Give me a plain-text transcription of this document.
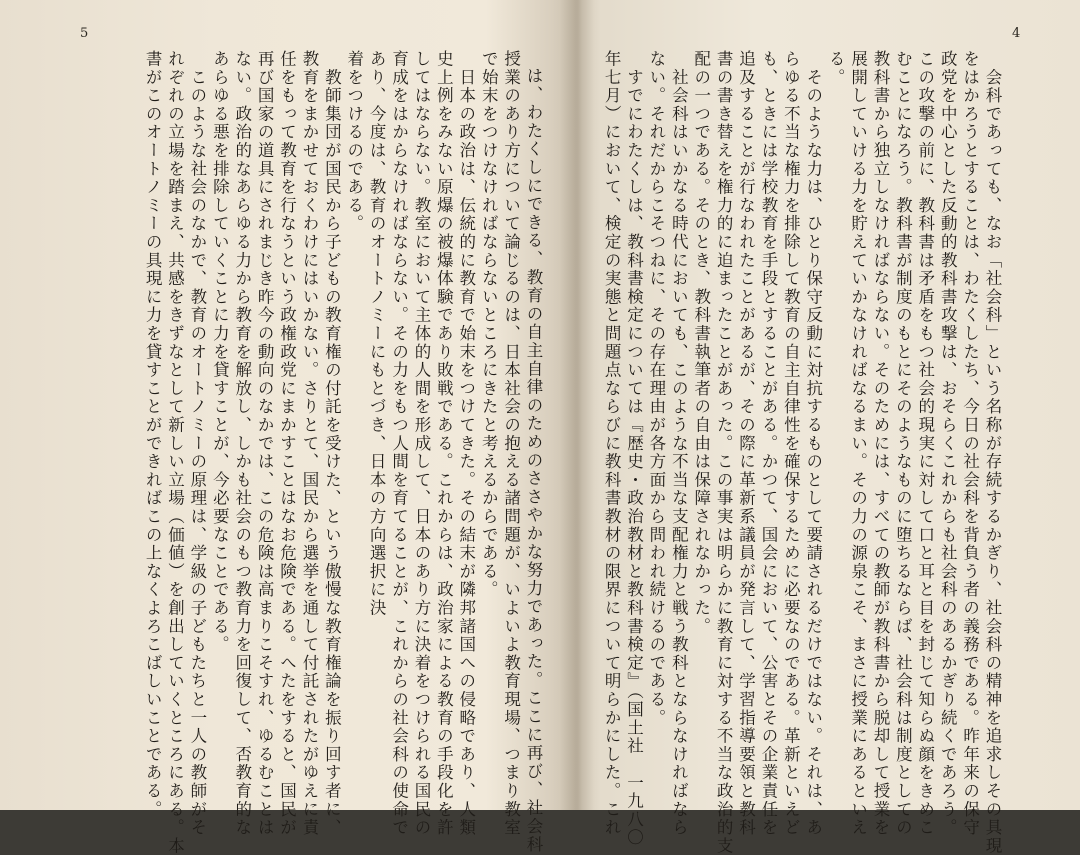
5	4
　会科であっても、なお「社会科」という名称が存続するかぎり、社会科の精神を追求しその具現
をはかろうとすることは、わたくしたち、今日の社会科を背負う者の義務である。昨年来の保守
政党を中心とした反動的教科書攻撃は、おそらくこれからも社会科のあるかぎり続くであろう。
この攻撃の前に、教科書は矛盾をもつ社会的現実に対して口と耳と目を封じて知らぬ顔をきめこ
むことになろう。教科書が制度のもとにそのようなものに堕ちるならば、社会科は制度としての
教科書から独立しなければならない。そのためには、すべての教師が教科書から脱却して授業を
展開していける力を貯えていかなければなるまい。その力の源泉こそ、まさに授業にあるといえ
る。
　そのような力は、ひとり保守反動に対抗するものとして要請されるだけではない。それは、あ
らゆる不当な権力を排除して教育の自主自律性を確保するために必要なのである。革新といえど
も、ときには学校教育を手段とすることがある。かつて、国会において、公害とその企業責任を
追及することが行なわれたことがあるが、その際に革新系議員が発言して、学習指導要領と教科
書の書き替えを権力的に迫まったことがあった。この事実は明らかに教育に対する不当な政治的支
配の一つである。そのとき、教科書執筆者の自由は保障されなかった。
　社会科はいかなる時代においても、このような不当な支配権力と戦う教科とならなければなら
ない。それだからこそつねに、その存在理由が各方面から問われ続けるのである。
　すでにわたくしは、教科書検定については『歴史・政治教材と教科書検定』（国土社　一九八〇
年七月）において、検定の実態と問題点ならびに教科書教材の限界について明らかにした。これ
は、わたくしにできる、教育の自主自律のためのささやかな努力であった。ここに再び、社会科
授業のあり方について論じるのは、日本社会の抱える諸問題が、いよいよ教育現場、つまり教室
で始末をつけなければならないところにきたと考えるからである。
　日本の政治は、伝統的に教育で始末をつけてきた。その結末が隣邦諸国への侵略であり、人類
史上例をみない原爆の被爆体験であり敗戦である。これからは、政治家による教育の手段化を許
してはならない。教室において主体的人間を形成して、日本のあり方に決着をつけられる国民の
育成をはからなければならない。その力をもつ人間を育てることが、これからの社会科の使命で
あり、今度は、教育のオートノミーにもとづき、日本の方向選択に決
着をつけるのである。
　教師集団が国民から子どもの教育権の付託を受けた、という傲慢な教育権論を振り回す者に、
教育をまかせておくわけにはいかない。さりとて、国民から選挙を通して付託されたがゆえに責
任をもって教育を行なうという政権政党にまかすことはなお危険である。へたをすると、国民が
再び国家の道具にされまじき昨今の動向のなかでは、この危険は高まりこそすれ、ゆるむことは
ない。政治的なあらゆる力から教育を解放し、しかも社会のもつ教育力を回復して、否教育的な
あらゆる悪を排除していくことに力を貸すことが、今必要なことである。
　このような社会のなかで、教育のオートノミーの原理は、学級の子どもたちと一人の教師がそ
れぞれの立場を踏まえ、共感をきずなとして新しい立場（価値）を創出していくところにある。本
書がこのオートノミーの具現に力を貸すことができればこの上なくよろこばしいことである。
